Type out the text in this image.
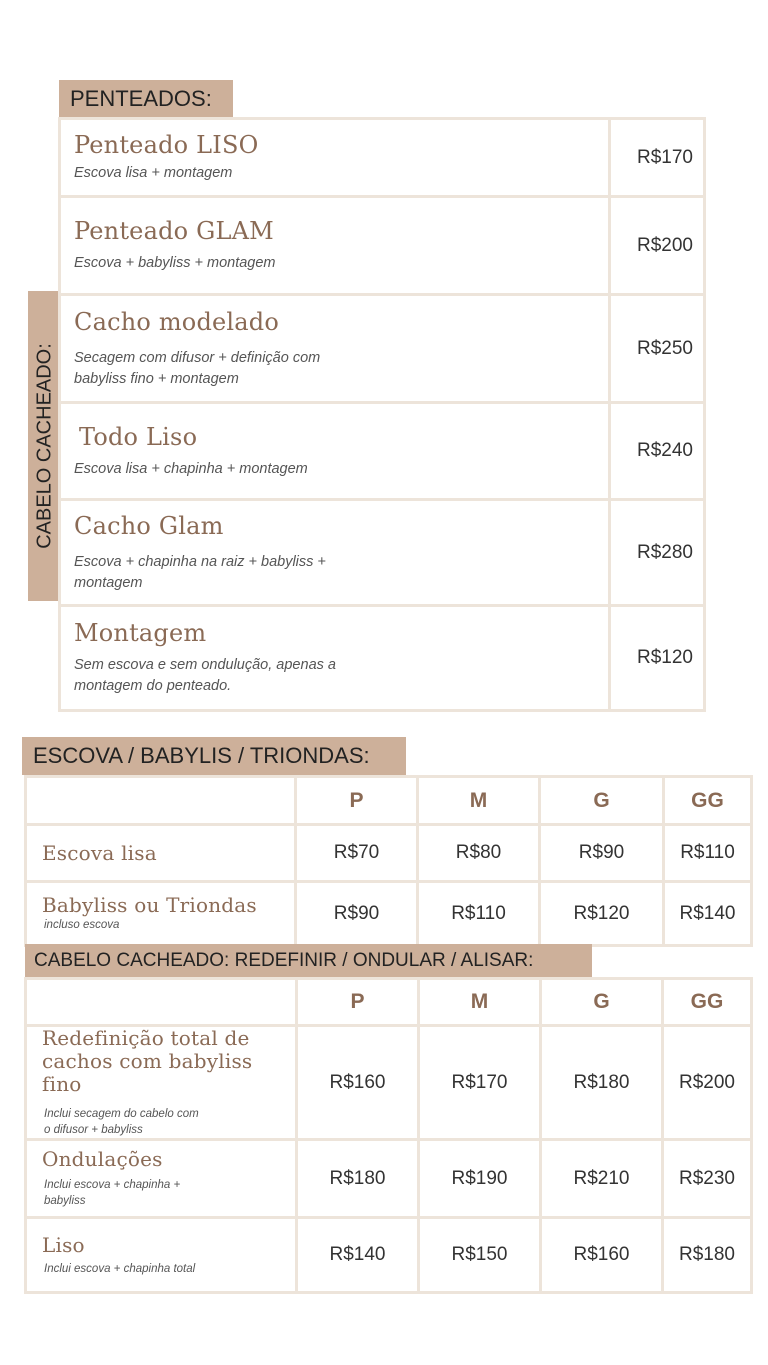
PENTEADOS:
CABELO CACHEADO:
Penteado LISO
Escova lisa + montagem	R$170

Penteado GLAM
Escova + babyliss + montagem	R$200

Cacho modelado
Secagem com difusor + definição com babyliss fino + montagem	R$250

Todo Liso
Escova lisa + chapinha + montagem	R$240

Cacho Glam
Escova + chapinha na raiz + babyliss + montagem	R$280

Montagem
Sem escova e sem ondulução, apenas a montagem do penteado.	R$120
ESCOVA / BABYLIS / TRIONDAS:
	P	M	G	GG

Escova lisa	R$70	R$80	R$90	R$110

Babyliss ou Triondas
incluso escova	R$90	R$110	R$120	R$140
CABELO CACHEADO: REDEFINIR / ONDULAR / ALISAR:
	P	M	G	GG

Redefinição total de cachos com babyliss fino
Inclui secagem do cabelo com o difusor + babyliss	R$160	R$170	R$180	R$200

Ondulações
Inclui escova + chapinha + babyliss	R$180	R$190	R$210	R$230

Liso
Inclui escova + chapinha total	R$140	R$150	R$160	R$180
